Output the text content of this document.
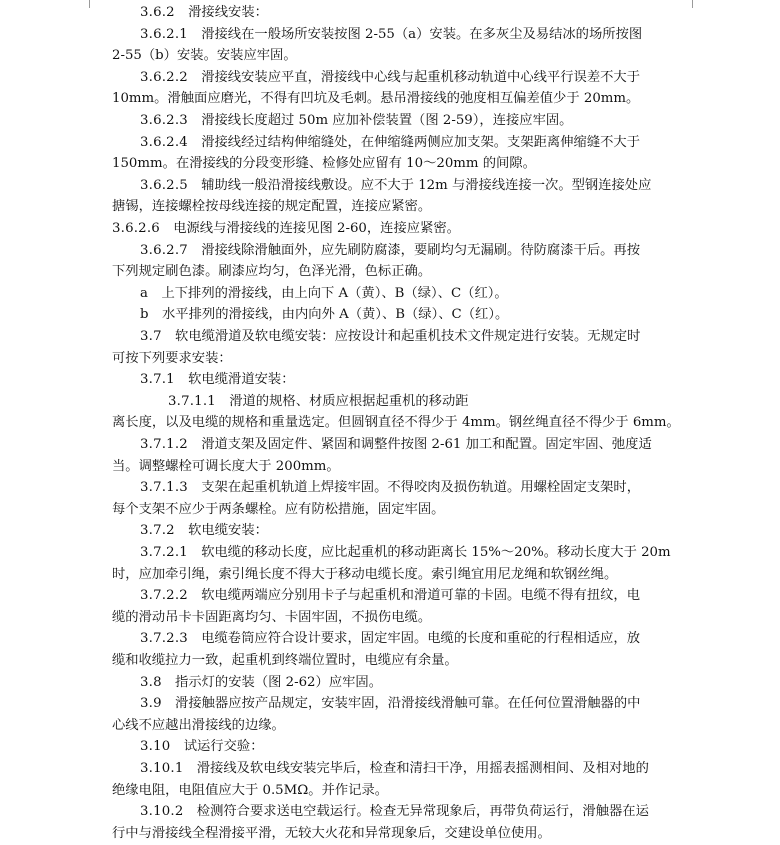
3.6.2　 滑接线安装：
3.6.2.1　 滑接线在一般场所安装按图 2-55（a）安装。在多灰尘及易结冰的场所按图
2-55（b）安装。安装应牢固。
3.6.2.2　 滑接线安装应平直，滑接线中心线与起重机移动轨道中心线平行误差不大于
10mm。滑触面应磨光，不得有凹坑及毛刺。悬吊滑接线的弛度相互偏差值少于 20mm。
3.6.2.3　 滑接线长度超过 50m 应加补偿装置（图 2-59），连接应牢固。
3.6.2.4　 滑接线经过结构伸缩缝处，在伸缩缝两侧应加支架。支架距离伸缩缝不大于
150mm。在滑接线的分段变形缝、检修处应留有 10～20mm 的间隙。
3.6.2.5　 辅助线一般沿滑接线敷设。应不大于 12m 与滑接线连接一次。型钢连接处应
搪锡，连接螺栓按母线连接的规定配置，连接应紧密。
3.6.2.6　 电源线与滑接线的连接见图 2-60，连接应紧密。
3.6.2.7　 滑接线除滑触面外，应先刷防腐漆，要刷均匀无漏刷。待防腐漆干后。再按
下列规定刷色漆。刷漆应均匀，色泽光滑，色标正确。
a　 上下排列的滑接线，由上向下 A（黄）、B（绿）、C（红）。
b　 水平排列的滑接线，由内向外 A（黄）、B（绿）、C（红）。
3.7　 软电缆滑道及软电缆安装：应按设计和起重机技术文件规定进行安装。无规定时
可按下列要求安装：
3.7.1　 软电缆滑道安装：
3.7.1.1　 滑道的规格、材质应根据起重机的移动距
离长度，以及电缆的规格和重量选定。但圆钢直径不得少于 4mm。钢丝绳直径不得少于 6mm。
3.7.1.2　 滑道支架及固定件、紧固和调整件按图 2-61 加工和配置。固定牢固、弛度适
当。调整螺栓可调长度大于 200mm。
3.7.1.3　 支架在起重机轨道上焊接牢固。不得咬肉及损伤轨道。用螺栓固定支架时，
每个支架不应少于两条螺栓。应有防松措施，固定牢固。
3.7.2　 软电缆安装：
3.7.2.1　 软电缆的移动长度，应比起重机的移动距离长 15%～20%。移动长度大于 20m
时，应加牵引绳，索引绳长度不得大于移动电缆长度。索引绳宜用尼龙绳和软钢丝绳。
3.7.2.2　 软电缆两端应分别用卡子与起重机和滑道可靠的卡固。电缆不得有扭纹，电
缆的滑动吊卡卡固距离均匀、卡固牢固，不损伤电缆。
3.7.2.3　 电缆卷筒应符合设计要求，固定牢固。电缆的长度和重砣的行程相适应，放
缆和收缆拉力一致，起重机到终端位置时，电缆应有余量。
3.8　 指示灯的安装（图 2-62）应牢固。
3.9　 滑接触器应按产品规定，安装牢固，沿滑接线滑触可靠。在任何位置滑触器的中
心线不应越出滑接线的边缘。
3.10　 试运行交验：
3.10.1　 滑接线及软电线安装完毕后，检查和清扫干净，用摇表摇测相间、及相对地的
绝缘电阻，电阻值应大于 0.5MΩ。并作记录。
3.10.2　 检测符合要求送电空载运行。检查无异常现象后，再带负荷运行，滑触器在运
行中与滑接线全程滑接平滑，无较大火花和异常现象后，交建设单位使用。
